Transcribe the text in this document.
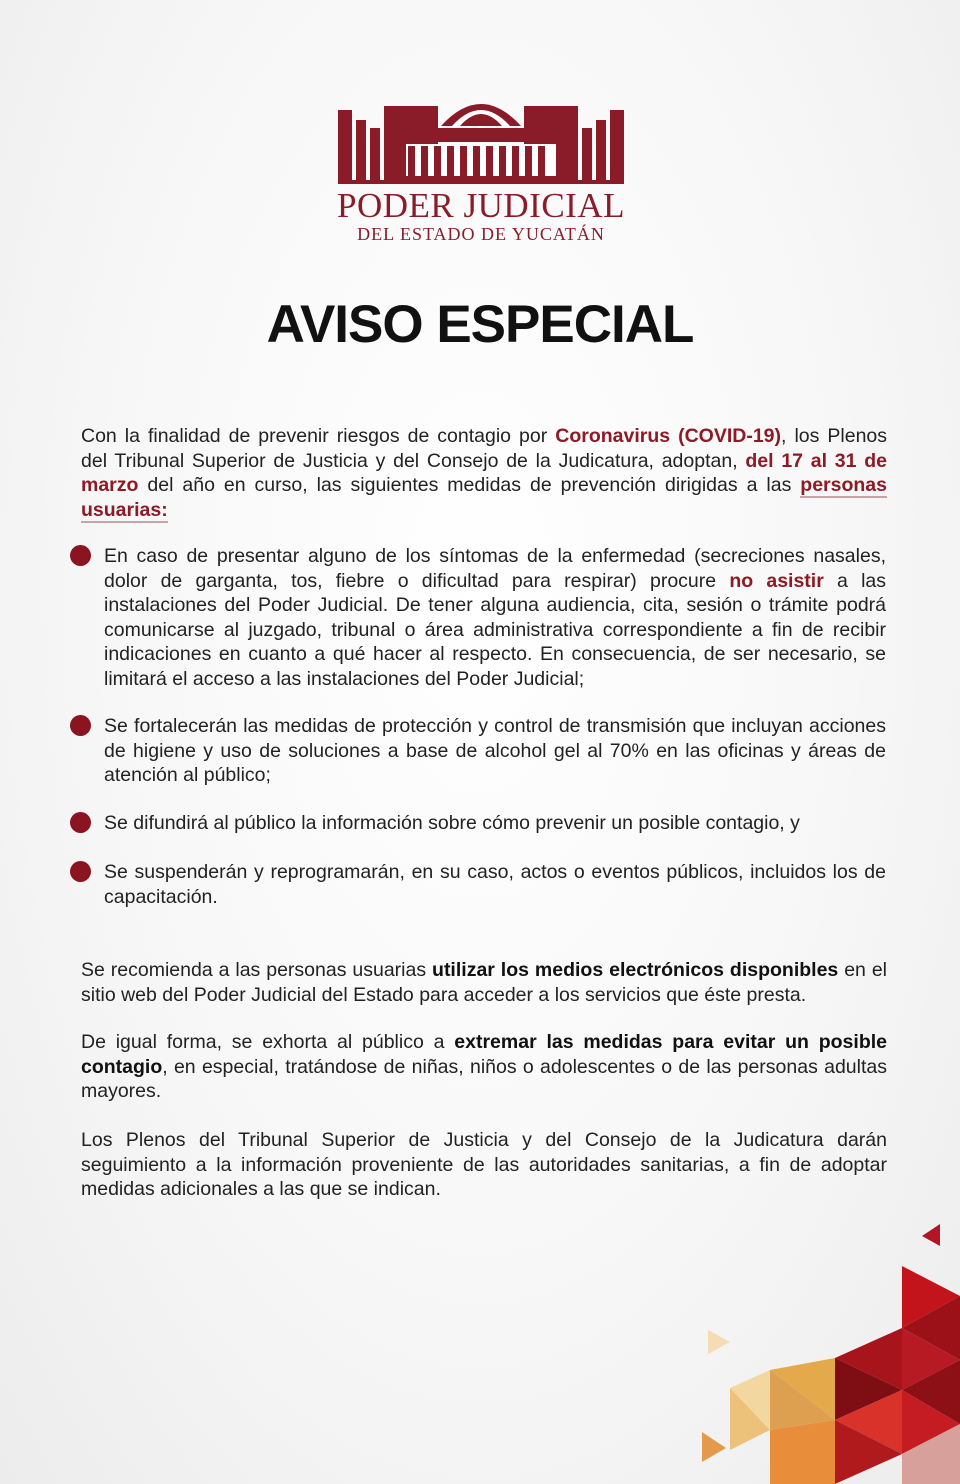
PODER JUDICIAL
DEL ESTADO DE YUCATÁN
AVISO ESPECIAL
Con la finalidad de prevenir riesgos de contagio por Coronavirus (COVID-19), los Plenos del Tribunal Superior de Justicia y del Consejo de la Judicatura, adoptan, del 17 al 31 de marzo del año en curso, las siguientes medidas de prevención dirigidas a las personas usuarias:
En caso de presentar alguno de los síntomas de la enfermedad (secreciones nasales, dolor de garganta, tos, fiebre o dificultad para respirar) procure no asistir a las instalaciones del Poder Judicial. De tener alguna audiencia, cita, sesión o trámite podrá comunicarse al juzgado, tribunal o área administrativa correspondiente a fin de recibir indicaciones en cuanto a qué hacer al respecto. En consecuencia, de ser necesario, se limitará el acceso a las instalaciones del Poder Judicial;
Se fortalecerán las medidas de protección y control de transmisión que incluyan acciones de higiene y uso de soluciones a base de alcohol gel al 70% en las oficinas y áreas de atención al público;
Se difundirá al público la información sobre cómo prevenir un posible contagio, y
Se suspenderán y reprogramarán, en su caso, actos o eventos públicos, incluidos los de capacitación.
Se recomienda a las personas usuarias utilizar los medios electrónicos disponibles en el sitio web del Poder Judicial del Estado para acceder a los servicios que éste presta.
De igual forma, se exhorta al público a extremar las medidas para evitar un posible contagio, en especial, tratándose de niñas, niños o adolescentes o de las personas adultas mayores.
Los Plenos del Tribunal Superior de Justicia y del Consejo de la Judicatura darán seguimiento a la información proveniente de las autoridades sanitarias, a fin de adoptar medidas adicionales a las que se indican.
